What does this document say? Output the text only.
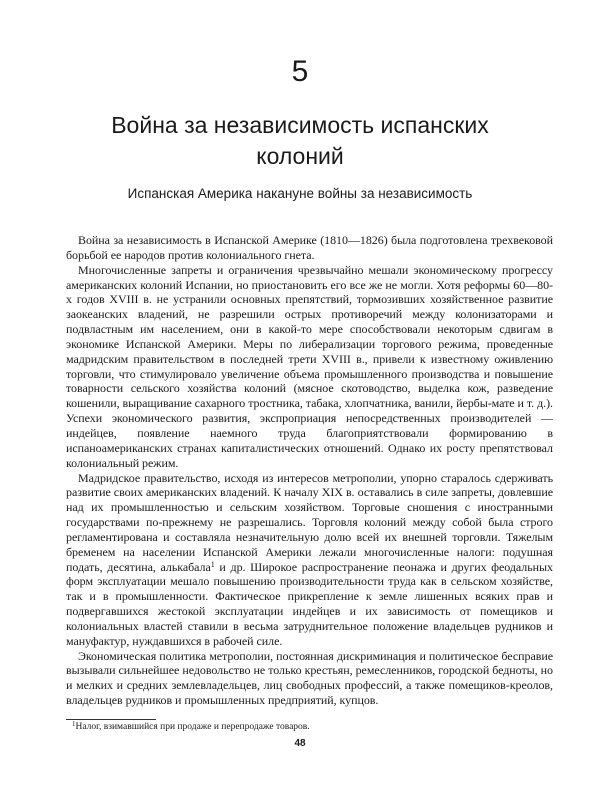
5
Война за независимость испанских
колоний
Испанская Америка накануне войны за независимость

Война за независимость в Испанской Америке (1810—1826) была подготовлена трехвековой борьбой ее народов против колониального гнета.

Многочисленные запреты и ограничения чрезвычайно мешали экономическому прогрессу американских колоний Испании, но приостановить его все же не могли. Хотя реформы 60—80-х годов XVIII в. не устранили основных препятствий, тормозивших хозяйственное развитие заокеанских владений, не разрешили острых противоречий между колонизаторами и подвластным им населением, они в какой-то мере способствовали некоторым сдвигам в экономике Испанской Америки. Меры по либерализации торгового режима, проведенные мадридским правительством в последней трети XVIII в., привели к известному оживлению торговли, что стимулировало увеличение объема промышленного производства и повышение товарности сельского хозяйства колоний (мясное скотоводство, выделка кож, разведение кошенили, выращивание сахарного тростника, табака, хлопчатника, ванили, йербы-мате и т. д.). Успехи экономического развития, экспроприация непосредственных производителей — индейцев, появление наемного труда благоприятствовали формированию в испаноамериканских странах капиталистических отношений. Однако их росту препятствовал колониальный режим.

Мадридское правительство, исходя из интересов метрополии, упорно старалось сдерживать развитие своих американских владений. К началу XIX в. оставались в силе запреты, довлевшие над их промышленностью и сельским хозяйством. Торговые сношения с иностранными государствами по-прежнему не разрешались. Торговля колоний между собой была строго регламентирована и составляла незначительную долю всей их внешней торговли. Тяжелым бременем на населении Испанской Америки лежали многочисленные налоги: подушная подать, десятина, алькабала$^1$ и др. Широкое распространение пеонажа и других феодальных форм эксплуатации мешало повышению производительности труда как в сельском хозяйстве, так и в промышленности. Фактическое прикрепление к земле лишенных всяких прав и подвергавшихся жестокой эксплуатации индейцев и их зависимость от помещиков и колониальных властей ставили в весьма затруднительное положение владельцев рудников и мануфактур, нуждавшихся в рабочей силе.

Экономическая политика метрополии, постоянная дискриминация и политическое бесправие вызывали сильнейшее недовольство не только крестьян, ремесленников, городской бедноты, но и мелких и средних землевладельцев, лиц свободных профессий, а также помещиков-креолов, владельцев рудников и промышленных предприятий, купцов.

$^1$Налог, взимавшийся при продаже и перепродаже товаров.
48
